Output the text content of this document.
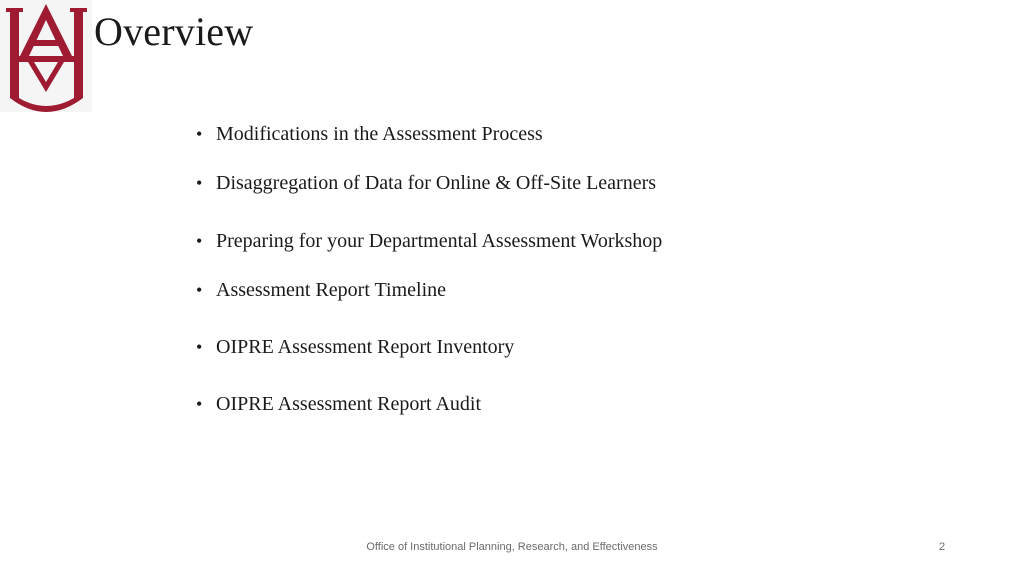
Overview
• Modifications in the Assessment Process
• Disaggregation of Data for Online & Off-Site Learners
• Preparing for your Departmental Assessment Workshop
• Assessment Report Timeline
• OIPRE Assessment Report Inventory
• OIPRE Assessment Report Audit
Office of Institutional Planning, Research, and Effectiveness	2
